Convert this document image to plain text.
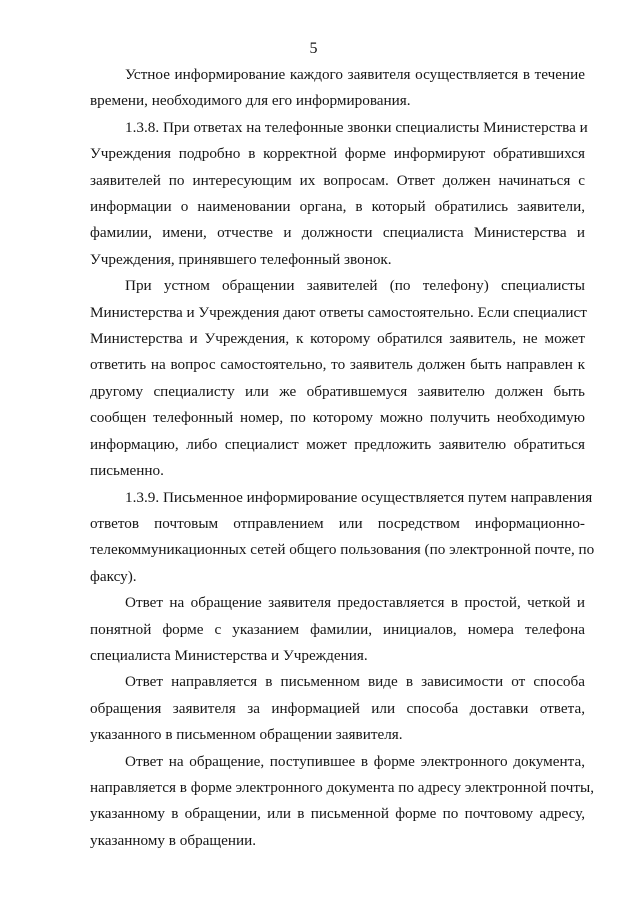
5
Устное информирование каждого заявителя осуществляется в течение
времени, необходимого для его информирования.
1.3.8. При ответах на телефонные звонки специалисты Министерства и
Учреждения подробно в корректной форме информируют обратившихся
заявителей по интересующим их вопросам. Ответ должен начинаться с
информации о наименовании органа, в который обратились заявители,
фамилии, имени, отчестве и должности специалиста Министерства и
Учреждения, принявшего телефонный звонок.
При устном обращении заявителей (по телефону) специалисты
Министерства и Учреждения дают ответы самостоятельно. Если специалист
Министерства и Учреждения, к которому обратился заявитель, не может
ответить на вопрос самостоятельно, то заявитель должен быть направлен к
другому специалисту или же обратившемуся заявителю должен быть
сообщен телефонный номер, по которому можно получить необходимую
информацию, либо специалист может предложить заявителю обратиться
письменно.
1.3.9. Письменное информирование осуществляется путем направления
ответов почтовым отправлением или посредством информационно-
телекоммуникационных сетей общего пользования (по электронной почте, по
факсу).
Ответ на обращение заявителя предоставляется в простой, четкой и
понятной форме с указанием фамилии, инициалов, номера телефона
специалиста Министерства и Учреждения.
Ответ направляется в письменном виде в зависимости от способа
обращения заявителя за информацией или способа доставки ответа,
указанного в письменном обращении заявителя.
Ответ на обращение, поступившее в форме электронного документа,
направляется в форме электронного документа по адресу электронной почты,
указанному в обращении, или в письменной форме по почтовому адресу,
указанному в обращении.
